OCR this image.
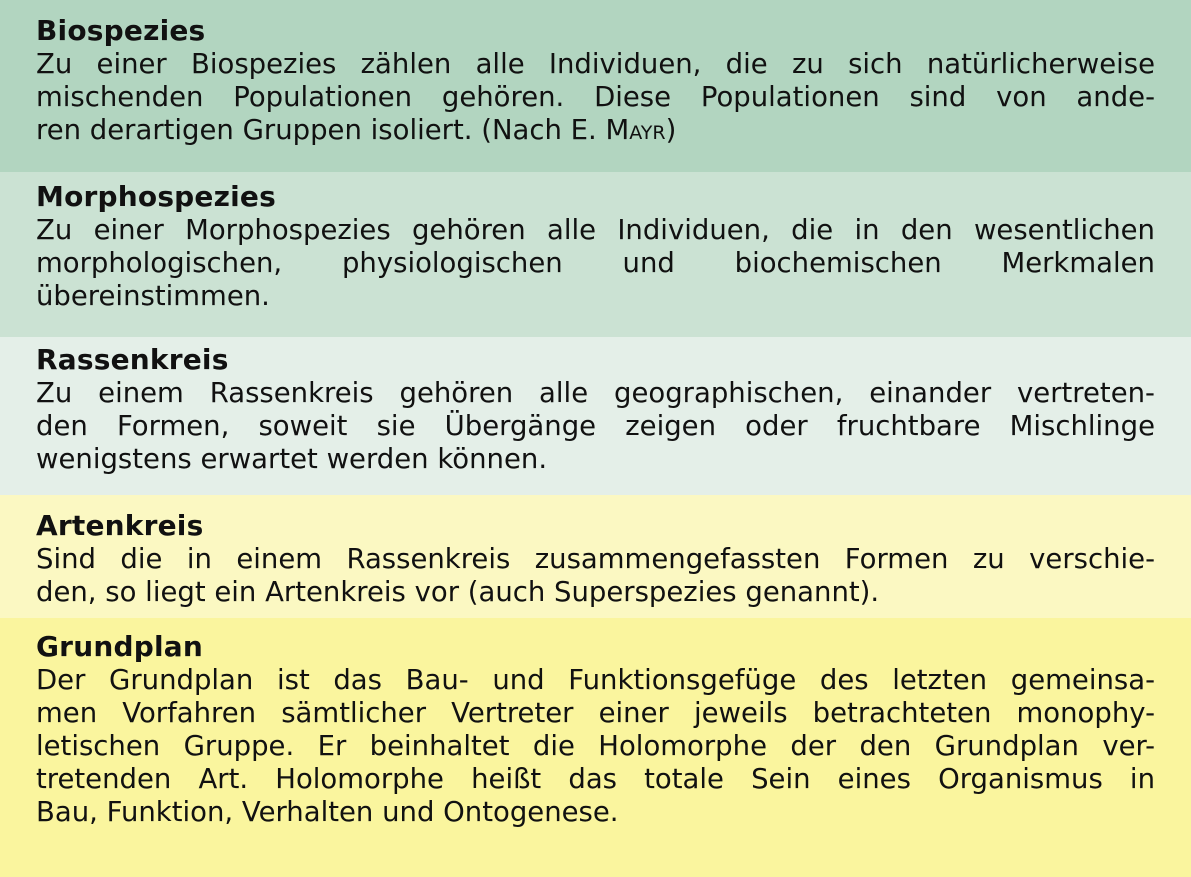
Biospezies
Zu einer Biospezies zählen alle Individuen, die zu sich natürlicherweise
mischenden Populationen gehören. Diese Populationen sind von ande-
ren derartigen Gruppen isoliert. (Nach E. Mayr)
Morphospezies
Zu einer Morphospezies gehören alle Individuen, die in den wesentlichen
morphologischen, physiologischen und biochemischen Merkmalen
übereinstimmen.
Rassenkreis
Zu einem Rassenkreis gehören alle geographischen, einander vertreten-
den Formen, soweit sie Übergänge zeigen oder fruchtbare Mischlinge
wenigstens erwartet werden können.
Artenkreis
Sind die in einem Rassenkreis zusammengefassten Formen zu verschie-
den, so liegt ein Artenkreis vor (auch Superspezies genannt).
Grundplan
Der Grundplan ist das Bau- und Funktionsgefüge des letzten gemeinsa-
men Vorfahren sämtlicher Vertreter einer jeweils betrachteten monophy-
letischen Gruppe. Er beinhaltet die Holomorphe der den Grundplan ver-
tretenden Art. Holomorphe heißt das totale Sein eines Organismus in
Bau, Funktion, Verhalten und Ontogenese.
